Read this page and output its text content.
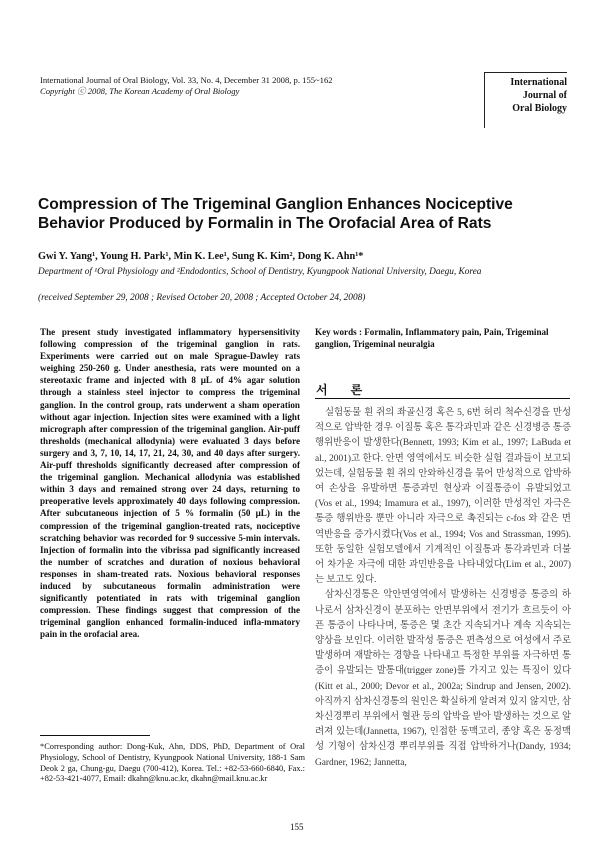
International Journal of Oral Biology, Vol. 33, No. 4, December 31 2008, p. 155~162
Copyright ⓒ 2008, The Korean Academy of Oral Biology
International
Journal of
Oral Biology
Compression of The Trigeminal Ganglion Enhances Nociceptive Behavior Produced by Formalin in The Orofacial Area of Rats
Gwi Y. Yang¹, Young H. Park¹, Min K. Lee¹, Sung K. Kim², Dong K. Ahn¹*
Department of ¹Oral Physiology and ²Endodontics, School of Dentistry, Kyungpook National University, Daegu, Korea
(received September 29, 2008 ; Revised October 20, 2008 ; Accepted October 24, 2008)
The present study investigated inflammatory hypersensitivity following compression of the trigeminal ganglion in rats. Experiments were carried out on male Sprague-Dawley rats weighing 250-260 g. Under anesthesia, rats were mounted on a stereotaxic frame and injected with 8 μL of 4% agar solution through a stainless steel injector to compress the trigeminal ganglion. In the control group, rats underwent a sham operation without agar injection. Injection sites were examined with a light micrograph after compression of the trigeminal ganglion. Air-puff thresholds (mechanical allodynia) were evaluated 3 days before surgery and 3, 7, 10, 14, 17, 21, 24, 30, and 40 days after surgery. Air-puff thresholds significantly decreased after compression of the trigeminal ganglion. Mechanical allodynia was established within 3 days and remained strong over 24 days, returning to preoperative levels approximately 40 days following compression. After subcutaneous injection of 5 % formalin (50 μL) in the compression of the trigeminal ganglion-treated rats, nociceptive scratching behavior was recorded for 9 successive 5-min intervals. Injection of formalin into the vibrissa pad significantly increased the number of scratches and duration of noxious behavioral responses in sham-treated rats. Noxious behavioral responses induced by subcutaneous formalin administration were significantly potentiated in rats with trigeminal ganglion compression. These findings suggest that compression of the trigeminal ganglion enhanced formalin-induced infla-mmatory pain in the orofacial area.
Key words : Formalin, Inflammatory pain, Pain, Trigeminal ganglion, Trigeminal neuralgia
서 론

실험동물 흰 쥐의 좌골신경 혹은 5, 6번 허리 척수신경을 만성적으로 압박한 경우 이질통 혹은 통각과민과 같은 신경병증 통증 행위반응이 발생한다(Bennett, 1993; Kim et al., 1997; LaBuda et al., 2001)고 한다. 안면 영역에서도 비슷한 실험 결과들이 보고되었는데, 실험동물 흰 쥐의 안와하신경을 묶어 만성적으로 압박하여 손상을 유발하면 통증과민 현상과 이질통증이 유발되었고(Vos et al., 1994; Imamura et al., 1997), 이러한 만성적인 자극은 통증 행위반응 뿐만 아니라 자극으로 촉진되는 c-fos 와 같은 면역반응을 증가시켰다(Vos et al., 1994; Vos and Strassman, 1995). 또한 동일한 실험모델에서 기계적인 이질통과 통각과민과 더불어 차가운 자극에 대한 과민반응을 나타내었다(Lim et al., 2007)는 보고도 있다.

삼차신경통은 악안면영역에서 발생하는 신경병증 통증의 하나로서 삼차신경이 분포하는 안면부위에서 전기가 흐르듯이 아픈 통증이 나타나며, 통증은 몇 초간 지속되거나 계속 지속되는 양상을 보인다. 이러한 발작성 통증은 편측성으로 여성에서 주로 발생하며 재발하는 경향을 나타내고 특정한 부위를 자극하면 통증이 유발되는 발통대(trigger zone)를 가지고 있는 특징이 있다(Kitt et al., 2000; Devor et al., 2002a; Sindrup and Jensen, 2002). 아직까지 삼차신경통의 원인은 확실하게 알려져 있지 않지만, 삼차신경뿌리 부위에서 혈관 등의 압박을 받아 발생하는 것으로 알려져 있는데(Jannetta, 1967), 인접한 동맥고리, 종양 혹은 동정맥성 기형이 삼차신경 뿌리부위를 직접 압박하거나(Dandy, 1934; Gardner, 1962; Jannetta,

*Corresponding author: Dong-Kuk, Ahn, DDS, PhD, Department of Oral Physiology, School of Dentistry, Kyungpook National University, 188-1 Sam Deok 2 ga, Chung-gu, Daegu (700-412), Korea. Tel.: +82-53-660-6840, Fax.: +82-53-421-4077, Email: dkahn@knu.ac.kr, dkahn@mail.knu.ac.kr
155
